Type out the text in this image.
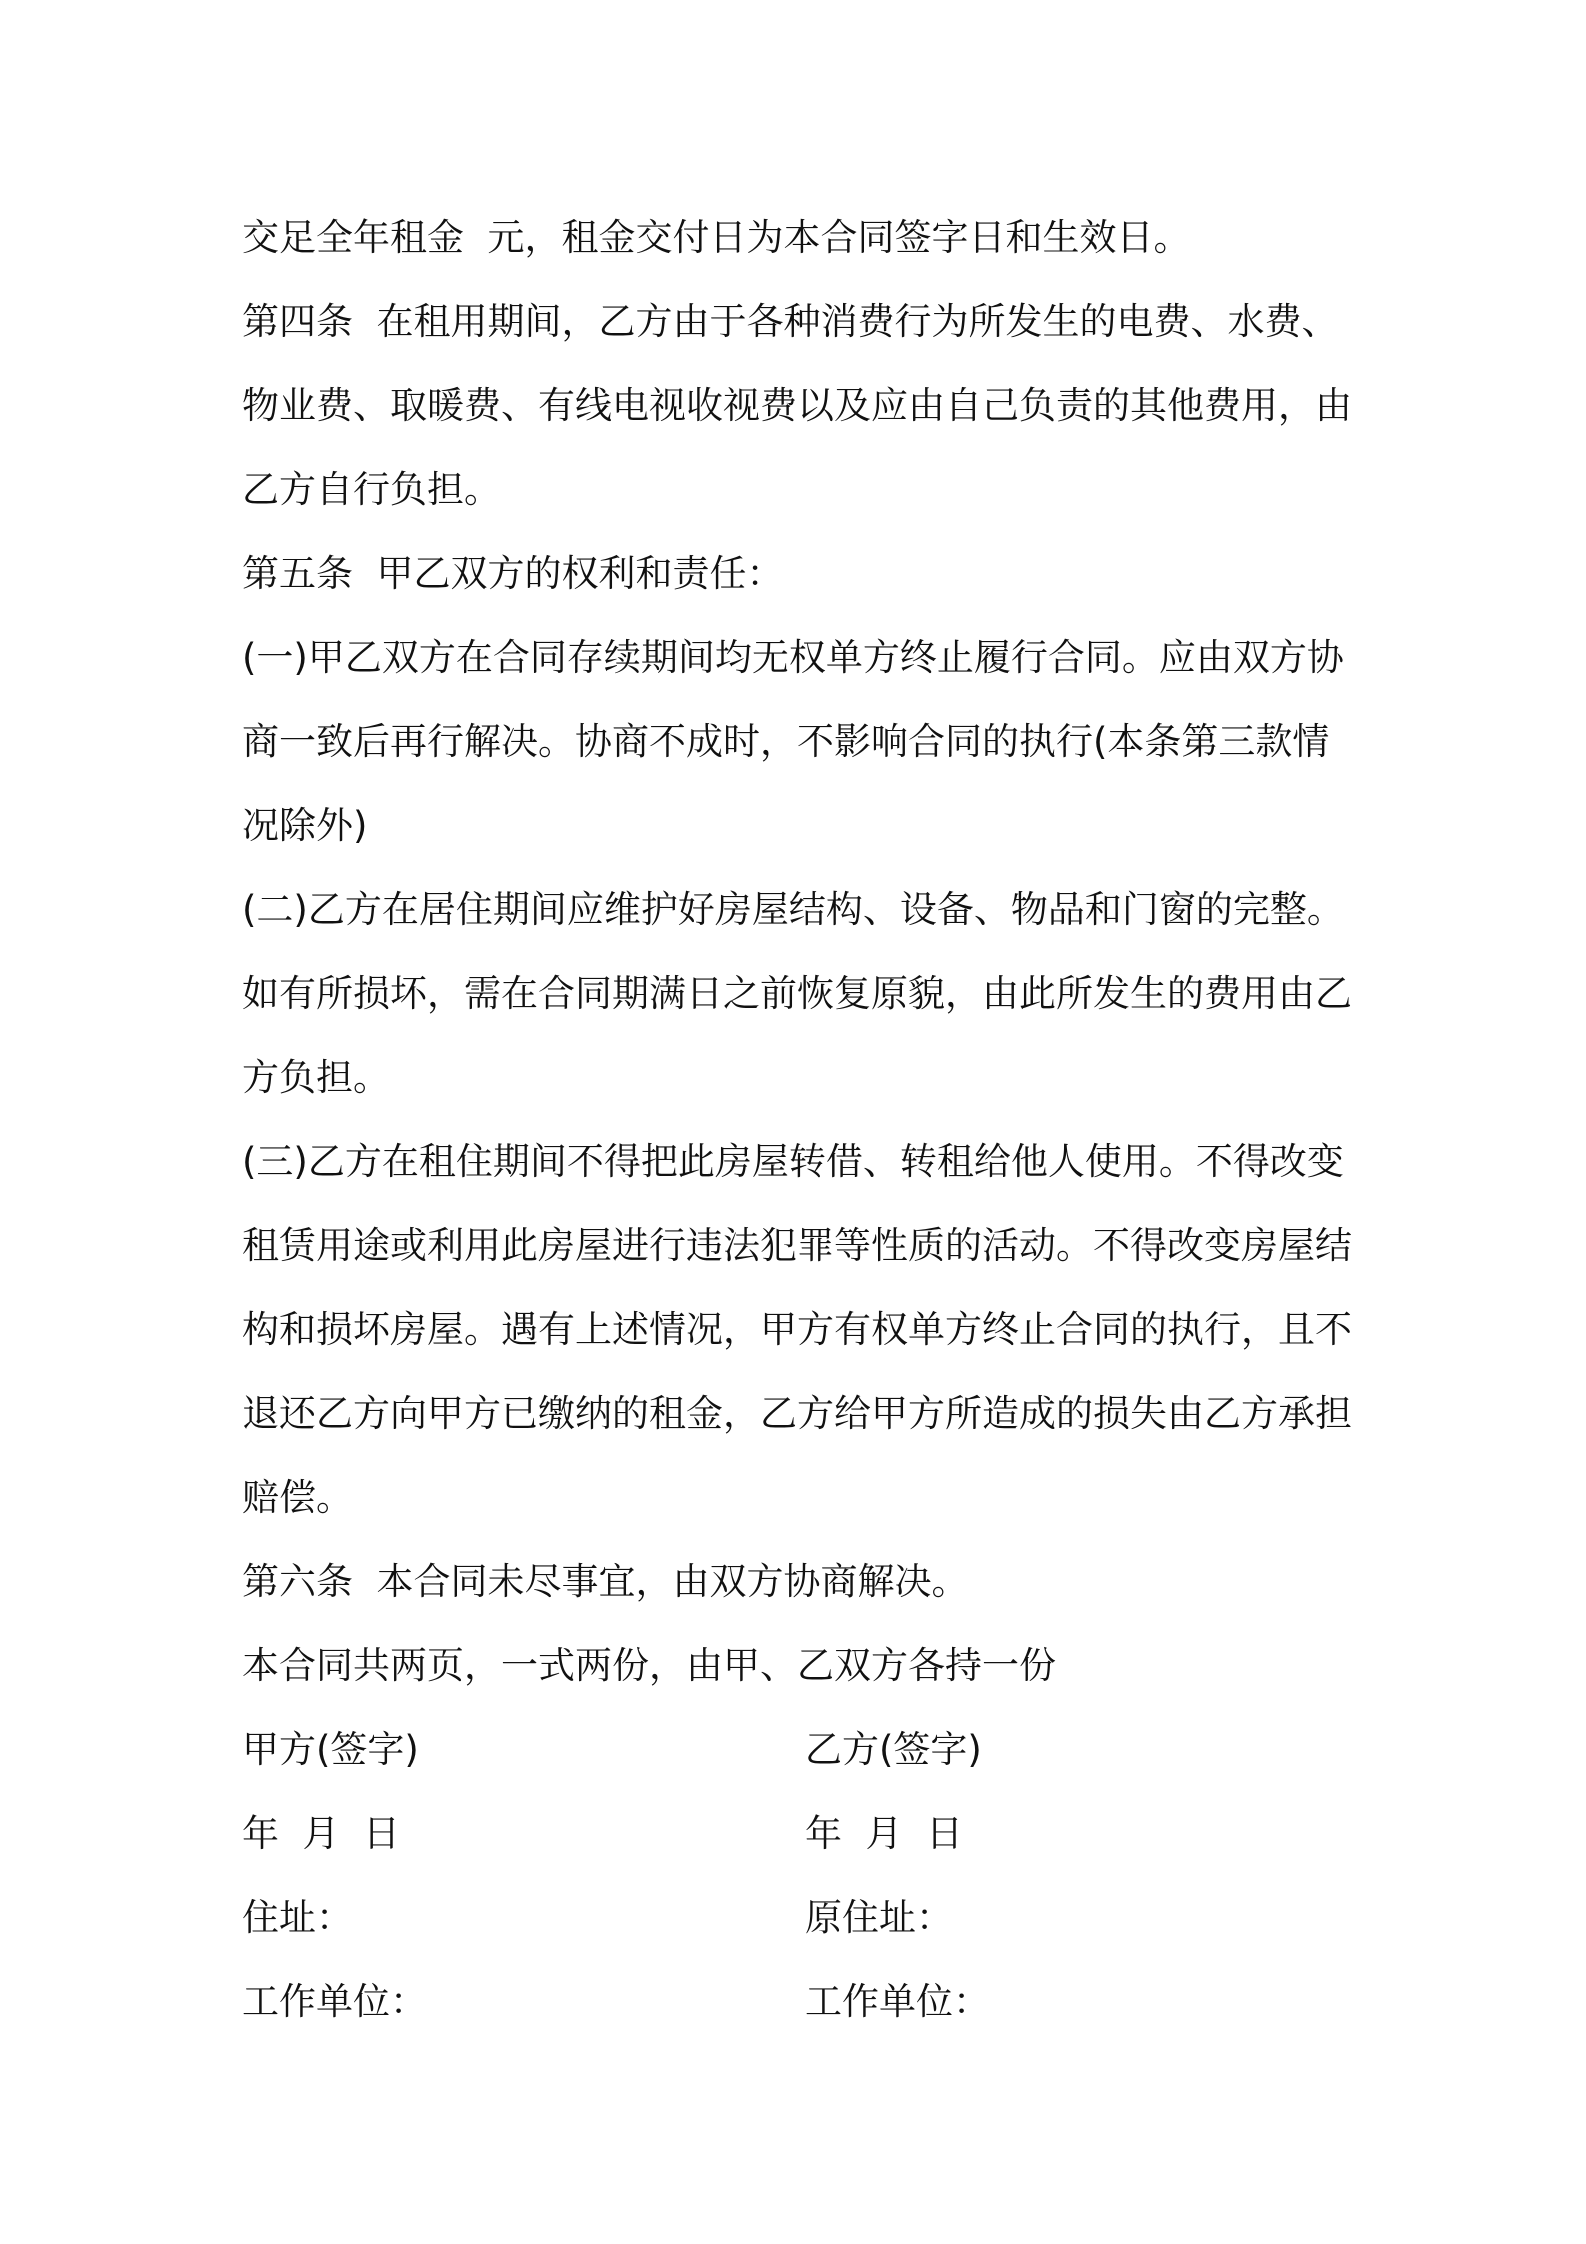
交足全年租金  元，租金交付日为本合同签字日和生效日。
第四条  在租用期间，乙方由于各种消费行为所发生的电费、水费、
物业费、取暖费、有线电视收视费以及应由自己负责的其他费用，由
乙方自行负担。
第五条  甲乙双方的权利和责任：
(一)甲乙双方在合同存续期间均无权单方终止履行合同。应由双方协
商一致后再行解决。协商不成时，不影响合同的执行(本条第三款情
况除外)
(二)乙方在居住期间应维护好房屋结构、设备、物品和门窗的完整。
如有所损坏，需在合同期满日之前恢复原貌，由此所发生的费用由乙
方负担。
(三)乙方在租住期间不得把此房屋转借、转租给他人使用。不得改变
租赁用途或利用此房屋进行违法犯罪等性质的活动。不得改变房屋结
构和损坏房屋。遇有上述情况，甲方有权单方终止合同的执行，且不
退还乙方向甲方已缴纳的租金，乙方给甲方所造成的损失由乙方承担
赔偿。
第六条  本合同未尽事宜，由双方协商解决。
本合同共两页，一式两份，由甲、乙双方各持一份
甲方(签字)	乙方(签字)
年  月  日	年  月  日
住址：	原住址：
工作单位：	工作单位：
